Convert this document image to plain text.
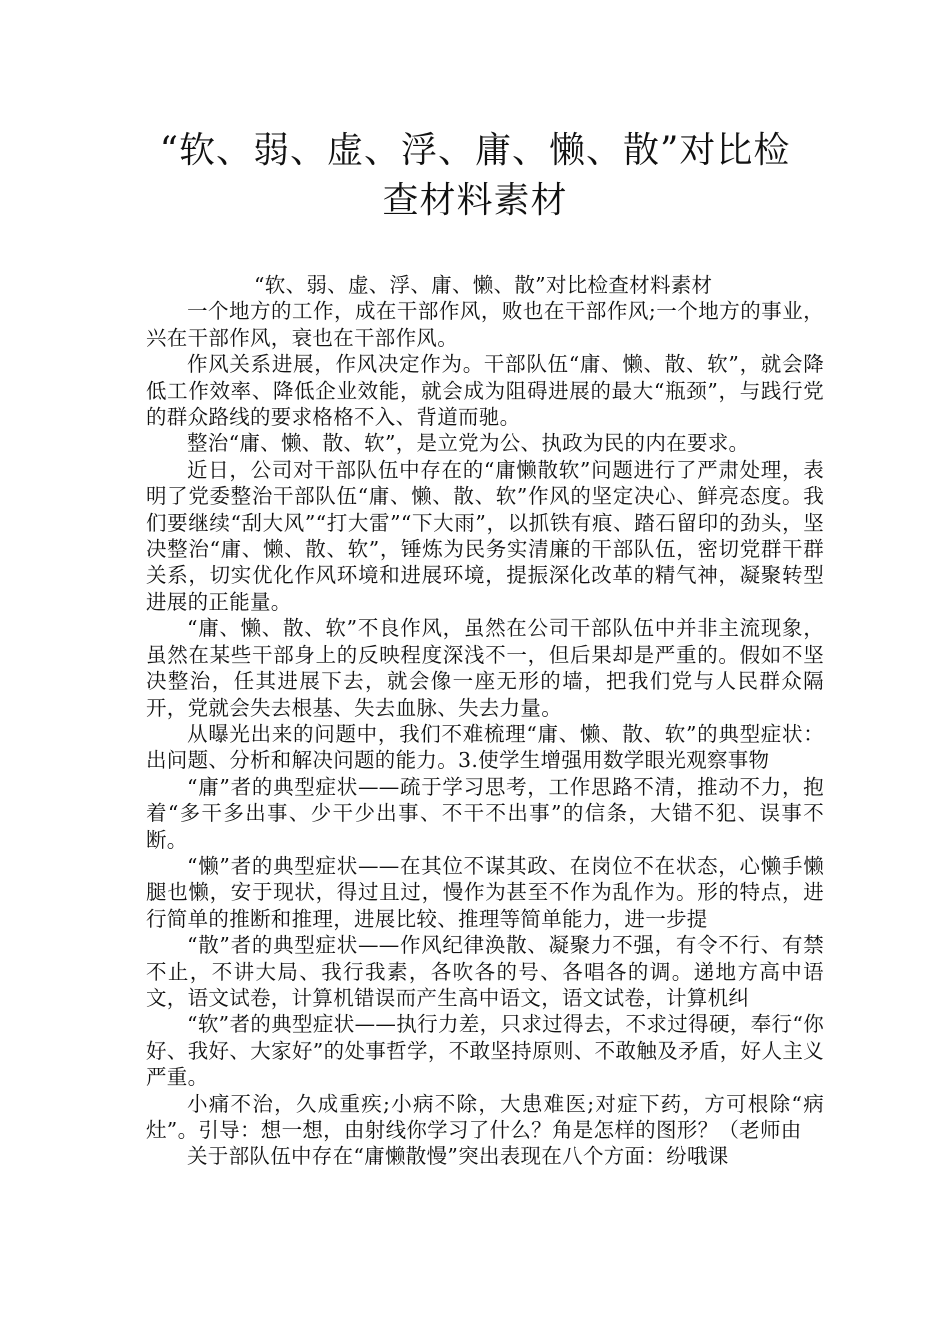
“软、弱、虚、浮、庸、懒、散”对比检
查材料素材

“软、弱、虚、浮、庸、懒、散”对比检查材料素材

一个地方的工作，成在干部作风，败也在干部作风;一个地方的事业，兴在干部作风，衰也在干部作风。

作风关系进展，作风决定作为。干部队伍“庸、懒、散、软”，就会降低工作效率、降低企业效能，就会成为阻碍进展的最大“瓶颈”，与践行党的群众路线的要求格格不入、背道而驰。

整治“庸、懒、散、软”，是立党为公、执政为民的内在要求。

近日，公司对干部队伍中存在的“庸懒散软”问题进行了严肃处理，表明了党委整治干部队伍“庸、懒、散、软”作风的坚定决心、鲜亮态度。我们要继续“刮大风”“打大雷”“下大雨”，以抓铁有痕、踏石留印的劲头，坚决整治“庸、懒、散、软”，锤炼为民务实清廉的干部队伍，密切党群干群关系，切实优化作风环境和进展环境，提振深化改革的精气神，凝聚转型进展的正能量。

“庸、懒、散、软”不良作风，虽然在公司干部队伍中并非主流现象，虽然在某些干部身上的反映程度深浅不一，但后果却是严重的。假如不坚决整治，任其进展下去，就会像一座无形的墙，把我们党与人民群众隔开，党就会失去根基、失去血脉、失去力量。

从曝光出来的问题中，我们不难梳理“庸、懒、散、软”的典型症状：出问题、分析和解决问题的能力。3.使学生增强用数学眼光观察事物

“庸”者的典型症状——疏于学习思考，工作思路不清，推动不力，抱着“多干多出事、少干少出事、不干不出事”的信条，大错不犯、误事不断。

“懒”者的典型症状——在其位不谋其政、在岗位不在状态，心懒手懒腿也懒，安于现状，得过且过，慢作为甚至不作为乱作为。形的特点，进行简单的推断和推理，进展比较、推理等简单能力，进一步提

“散”者的典型症状——作风纪律涣散、凝聚力不强，有令不行、有禁不止，不讲大局、我行我素，各吹各的号、各唱各的调。递地方高中语文，语文试卷，计算机错误而产生高中语文，语文试卷，计算机纠

“软”者的典型症状——执行力差，只求过得去，不求过得硬，奉行“你好、我好、大家好”的处事哲学，不敢坚持原则、不敢触及矛盾，好人主义严重。

小痛不治，久成重疾;小病不除，大患难医;对症下药，方可根除“病灶”。引导：想一想，由射线你学习了什么？角是怎样的图形？（老师由

关于部队伍中存在“庸懒散慢”突出表现在八个方面：纷哦课
